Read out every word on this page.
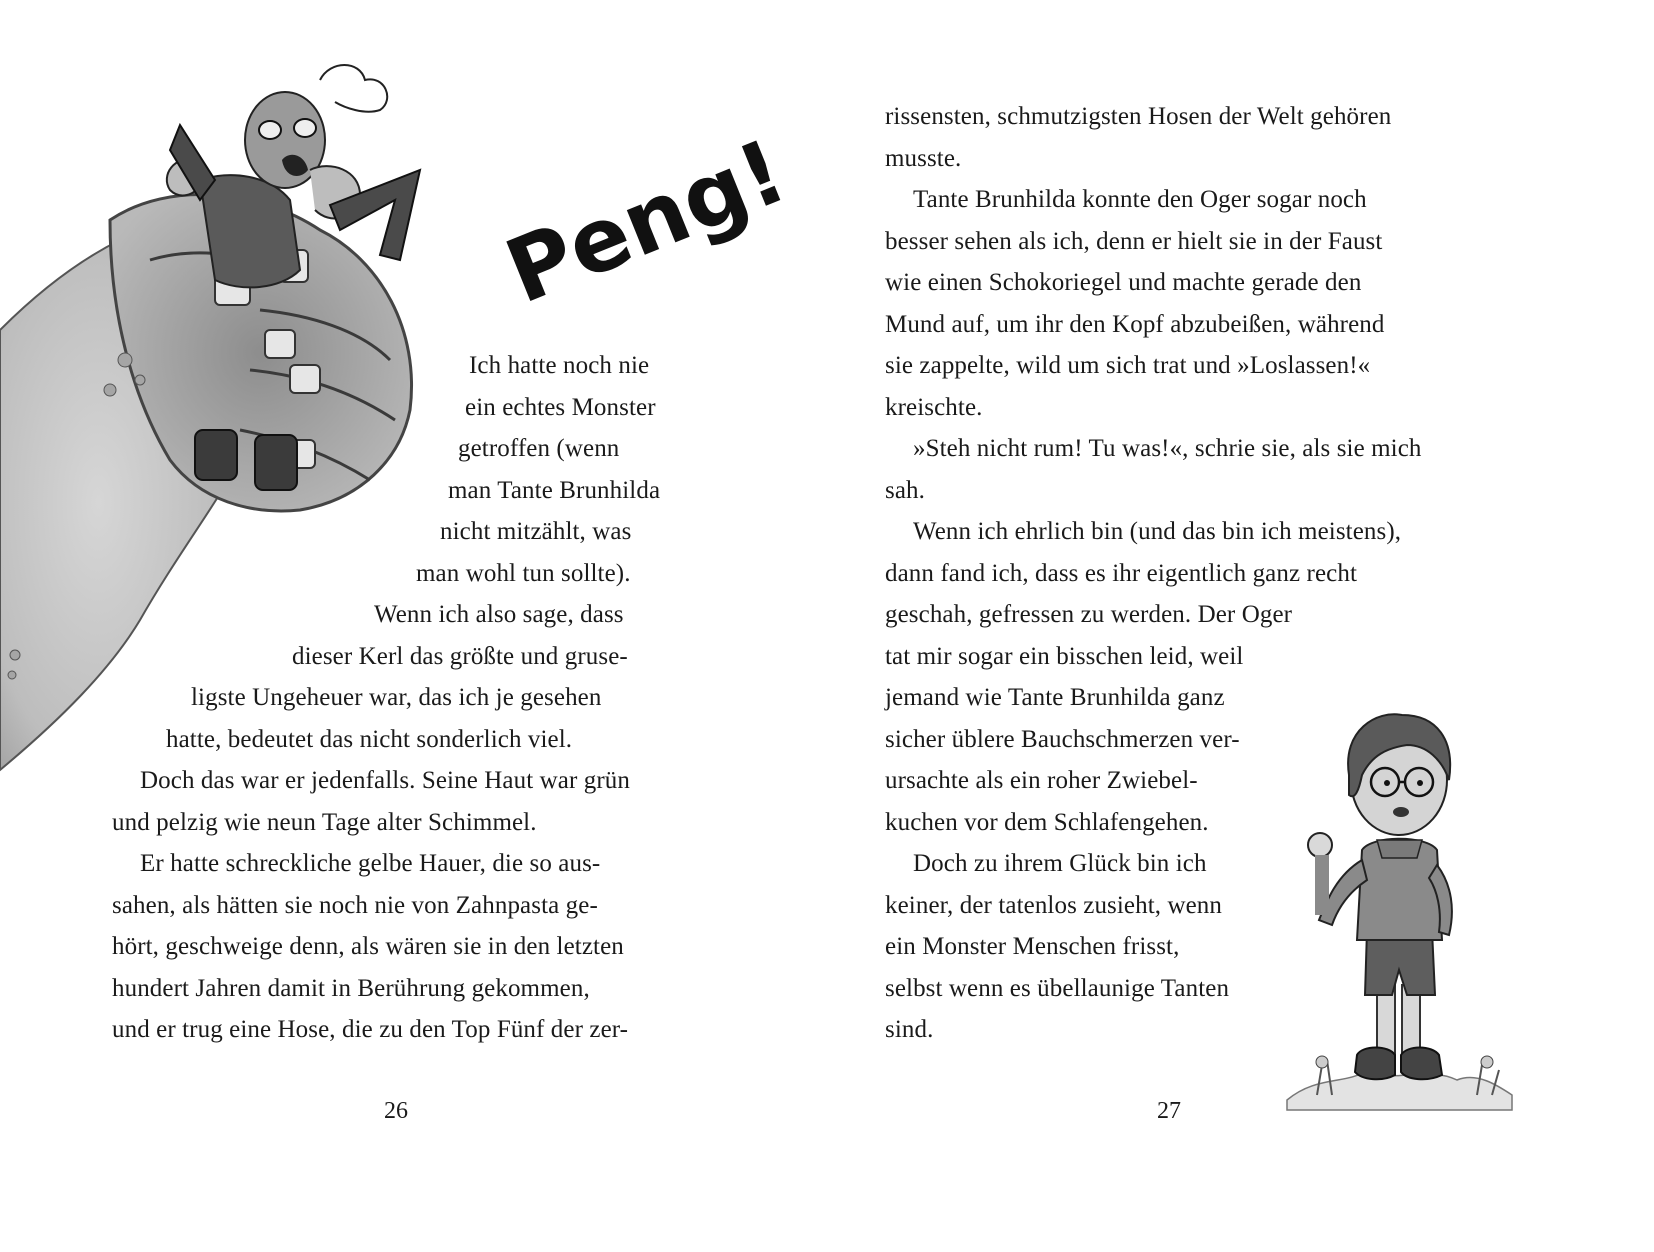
Peng!
Ich hatte noch nie
ein echtes Monster
getroffen (wenn
man Tante Brunhilda
nicht mitzählt, was
man wohl tun sollte).
Wenn ich also sage, dass
dieser Kerl das größte und gruse-
ligste Ungeheuer war, das ich je gesehen
hatte, bedeutet das nicht sonderlich viel.
Doch das war er jedenfalls. Seine Haut war grün
und pelzig wie neun Tage alter Schimmel.
Er hatte schreckliche gelbe Hauer, die so aus-
sahen, als hätten sie noch nie von Zahnpasta ge-
hört, geschweige denn, als wären sie in den letzten
hundert Jahren damit in Berührung gekommen,
und er trug eine Hose, die zu den Top Fünf der zer-
26
rissensten, schmutzigsten Hosen der Welt gehören
musste.
Tante Brunhilda konnte den Oger sogar noch
besser sehen als ich, denn er hielt sie in der Faust
wie einen Schokoriegel und machte gerade den
Mund auf, um ihr den Kopf abzubeißen, während
sie zappelte, wild um sich trat und »Loslassen!«
kreischte.
»Steh nicht rum! Tu was!«, schrie sie, als sie mich
sah.
Wenn ich ehrlich bin (und das bin ich meistens),
dann fand ich, dass es ihr eigentlich ganz recht
geschah, gefressen zu werden. Der Oger
tat mir sogar ein bisschen leid, weil
jemand wie Tante Brunhilda ganz
sicher üblere Bauchschmerzen ver-
ursachte als ein roher Zwiebel-
kuchen vor dem Schlafengehen.
Doch zu ihrem Glück bin ich
keiner, der tatenlos zusieht, wenn
ein Monster Menschen frisst,
selbst wenn es übellaunige Tanten
sind.
27
